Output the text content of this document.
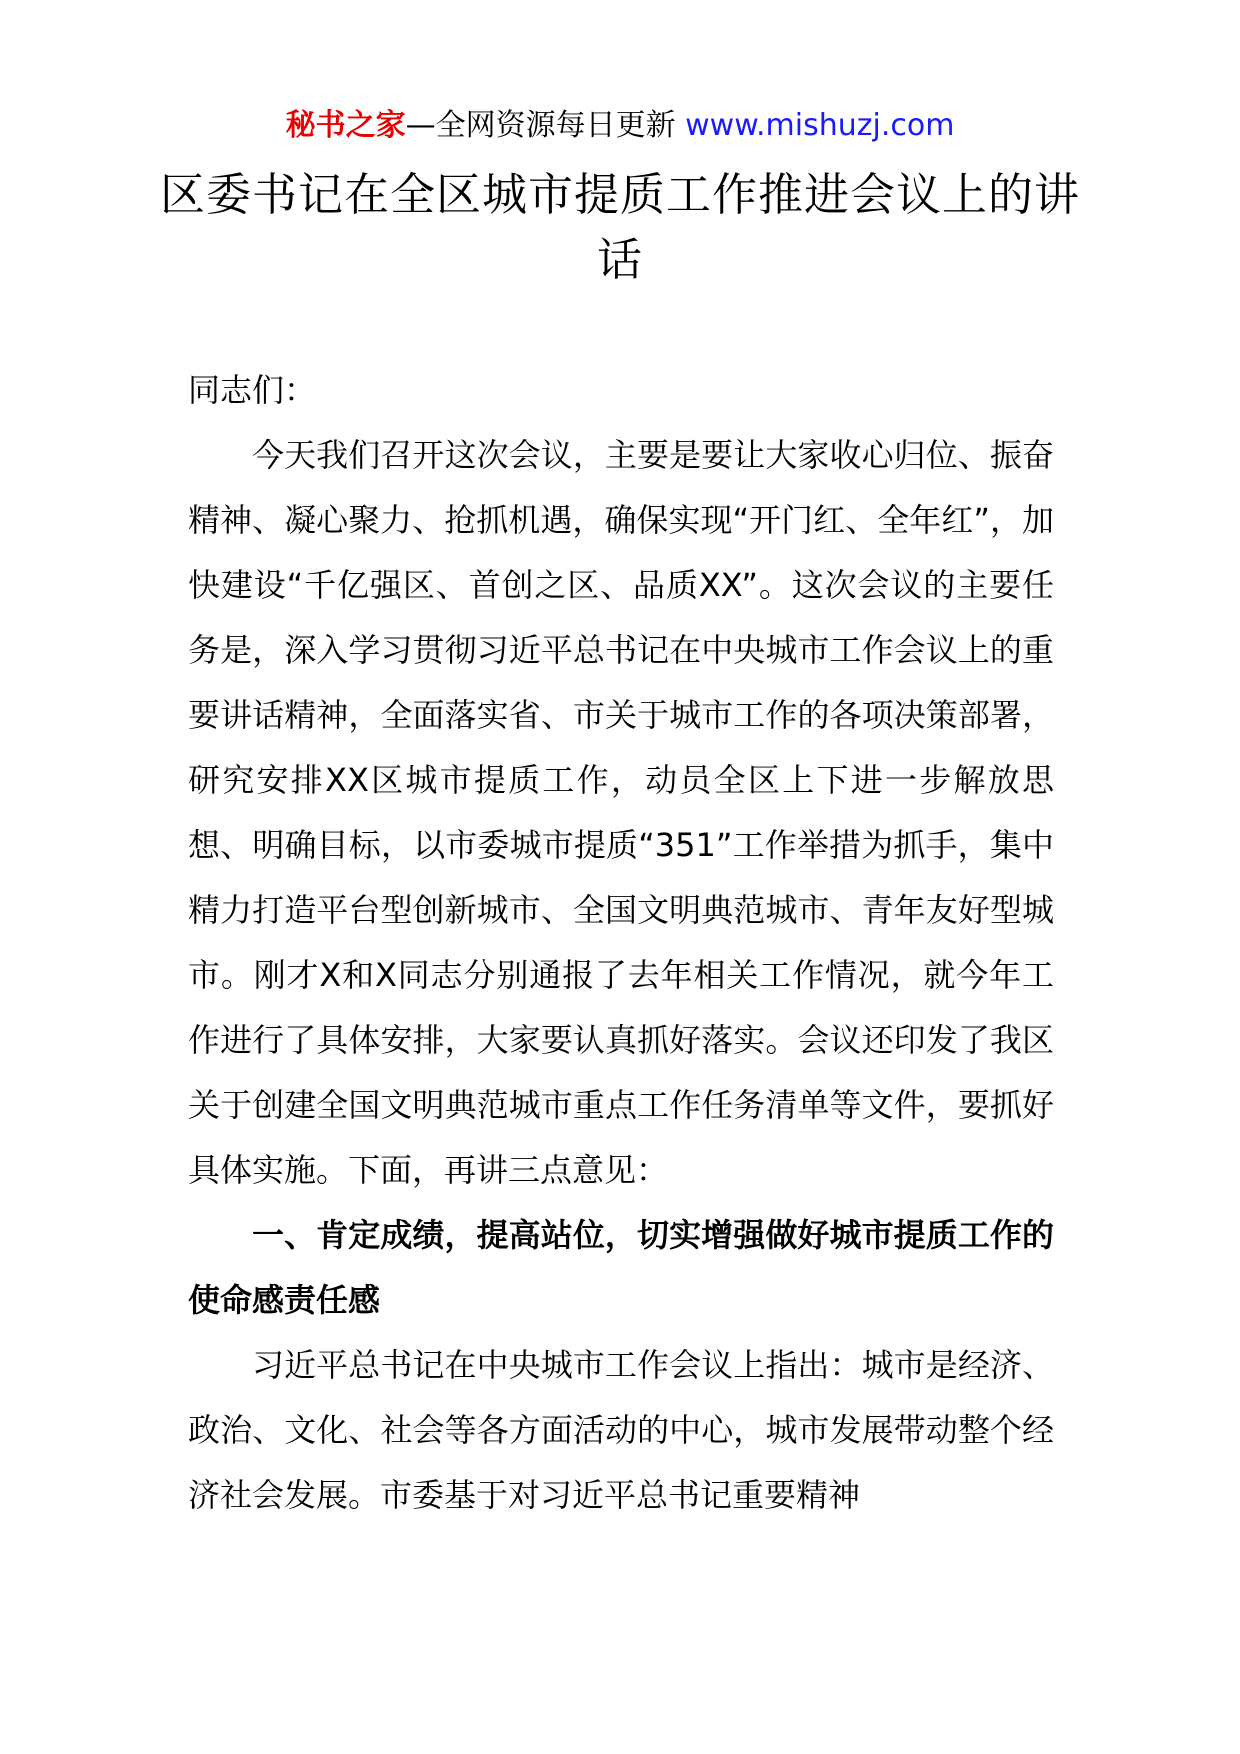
秘书之家—全网资源每日更新 www.mishuzj.com
区委书记在全区城市提质工作推进会议上的讲话

同志们：

今天我们召开这次会议，主要是要让大家收心归位、振奋精神、凝心聚力、抢抓机遇，确保实现“开门红、全年红”，加快建设“千亿强区、首创之区、品质XX”。这次会议的主要任务是，深入学习贯彻习近平总书记在中央城市工作会议上的重要讲话精神，全面落实省、市关于城市工作的各项决策部署，研究安排XX区城市提质工作，动员全区上下进一步解放思想、明确目标，以市委城市提质“351”工作举措为抓手，集中精力打造平台型创新城市、全国文明典范城市、青年友好型城市。刚才X和X同志分别通报了去年相关工作情况，就今年工作进行了具体安排，大家要认真抓好落实。会议还印发了我区关于创建全国文明典范城市重点工作任务清单等文件，要抓好具体实施。下面，再讲三点意见：

一、肯定成绩，提高站位，切实增强做好城市提质工作的使命感责任感

习近平总书记在中央城市工作会议上指出：城市是经济、政治、文化、社会等各方面活动的中心，城市发展带动整个经济社会发展。市委基于对习近平总书记重要精神
